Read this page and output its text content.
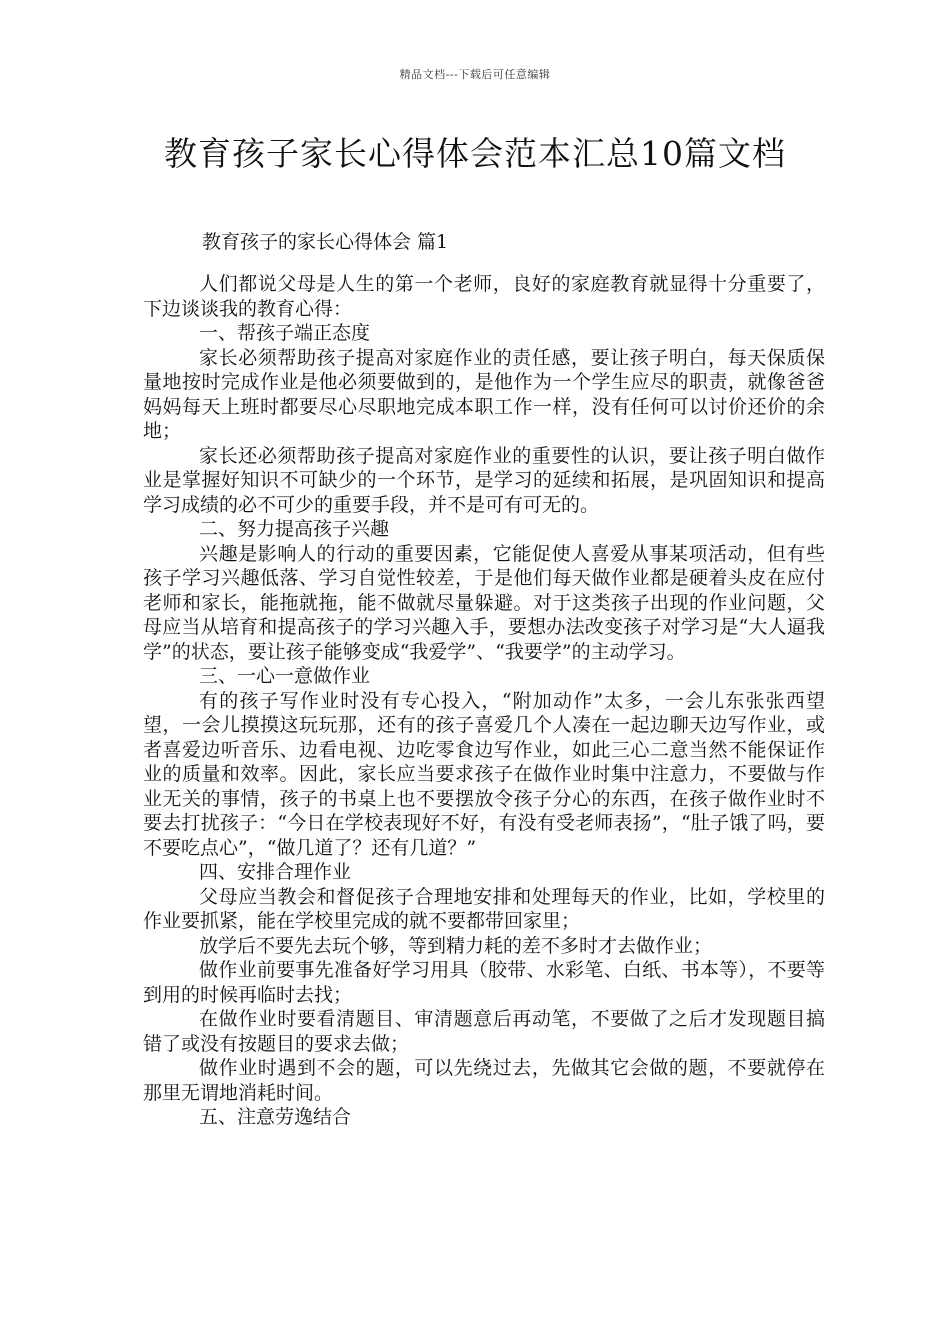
精品文档---下载后可任意编辑
教育孩子家长心得体会范本汇总10篇文档
教育孩子的家长心得体会 篇1

人们都说父母是人生的第一个老师，良好的家庭教育就显得十分重要了，下边谈谈我的教育心得：

一、帮孩子端正态度

家长必须帮助孩子提高对家庭作业的责任感，要让孩子明白，每天保质保量地按时完成作业是他必须要做到的，是他作为一个学生应尽的职责，就像爸爸妈妈每天上班时都要尽心尽职地完成本职工作一样，没有任何可以讨价还价的余地；

家长还必须帮助孩子提高对家庭作业的重要性的认识，要让孩子明白做作业是掌握好知识不可缺少的一个环节，是学习的延续和拓展，是巩固知识和提高学习成绩的必不可少的重要手段，并不是可有可无的。

二、努力提高孩子兴趣

兴趣是影响人的行动的重要因素，它能促使人喜爱从事某项活动，但有些孩子学习兴趣低落、学习自觉性较差，于是他们每天做作业都是硬着头皮在应付老师和家长，能拖就拖，能不做就尽量躲避。对于这类孩子出现的作业问题，父母应当从培育和提高孩子的学习兴趣入手，要想办法改变孩子对学习是“大人逼我学”的状态，要让孩子能够变成“我爱学”、“我要学”的主动学习。

三、一心一意做作业

有的孩子写作业时没有专心投入，“附加动作”太多，一会儿东张张西望望，一会儿摸摸这玩玩那，还有的孩子喜爱几个人凑在一起边聊天边写作业，或者喜爱边听音乐、边看电视、边吃零食边写作业，如此三心二意当然不能保证作业的质量和效率。因此，家长应当要求孩子在做作业时集中注意力，不要做与作业无关的事情，孩子的书桌上也不要摆放令孩子分心的东西，在孩子做作业时不要去打扰孩子：“今日在学校表现好不好，有没有受老师表扬”，“肚子饿了吗，要不要吃点心”，“做几道了？还有几道？”

四、安排合理作业

父母应当教会和督促孩子合理地安排和处理每天的作业，比如，学校里的作业要抓紧，能在学校里完成的就不要都带回家里；

放学后不要先去玩个够，等到精力耗的差不多时才去做作业；

做作业前要事先准备好学习用具（胶带、水彩笔、白纸、书本等），不要等到用的时候再临时去找；

在做作业时要看清题目、审清题意后再动笔，不要做了之后才发现题目搞错了或没有按题目的要求去做；

做作业时遇到不会的题，可以先绕过去，先做其它会做的题，不要就停在那里无谓地消耗时间。

五、注意劳逸结合
